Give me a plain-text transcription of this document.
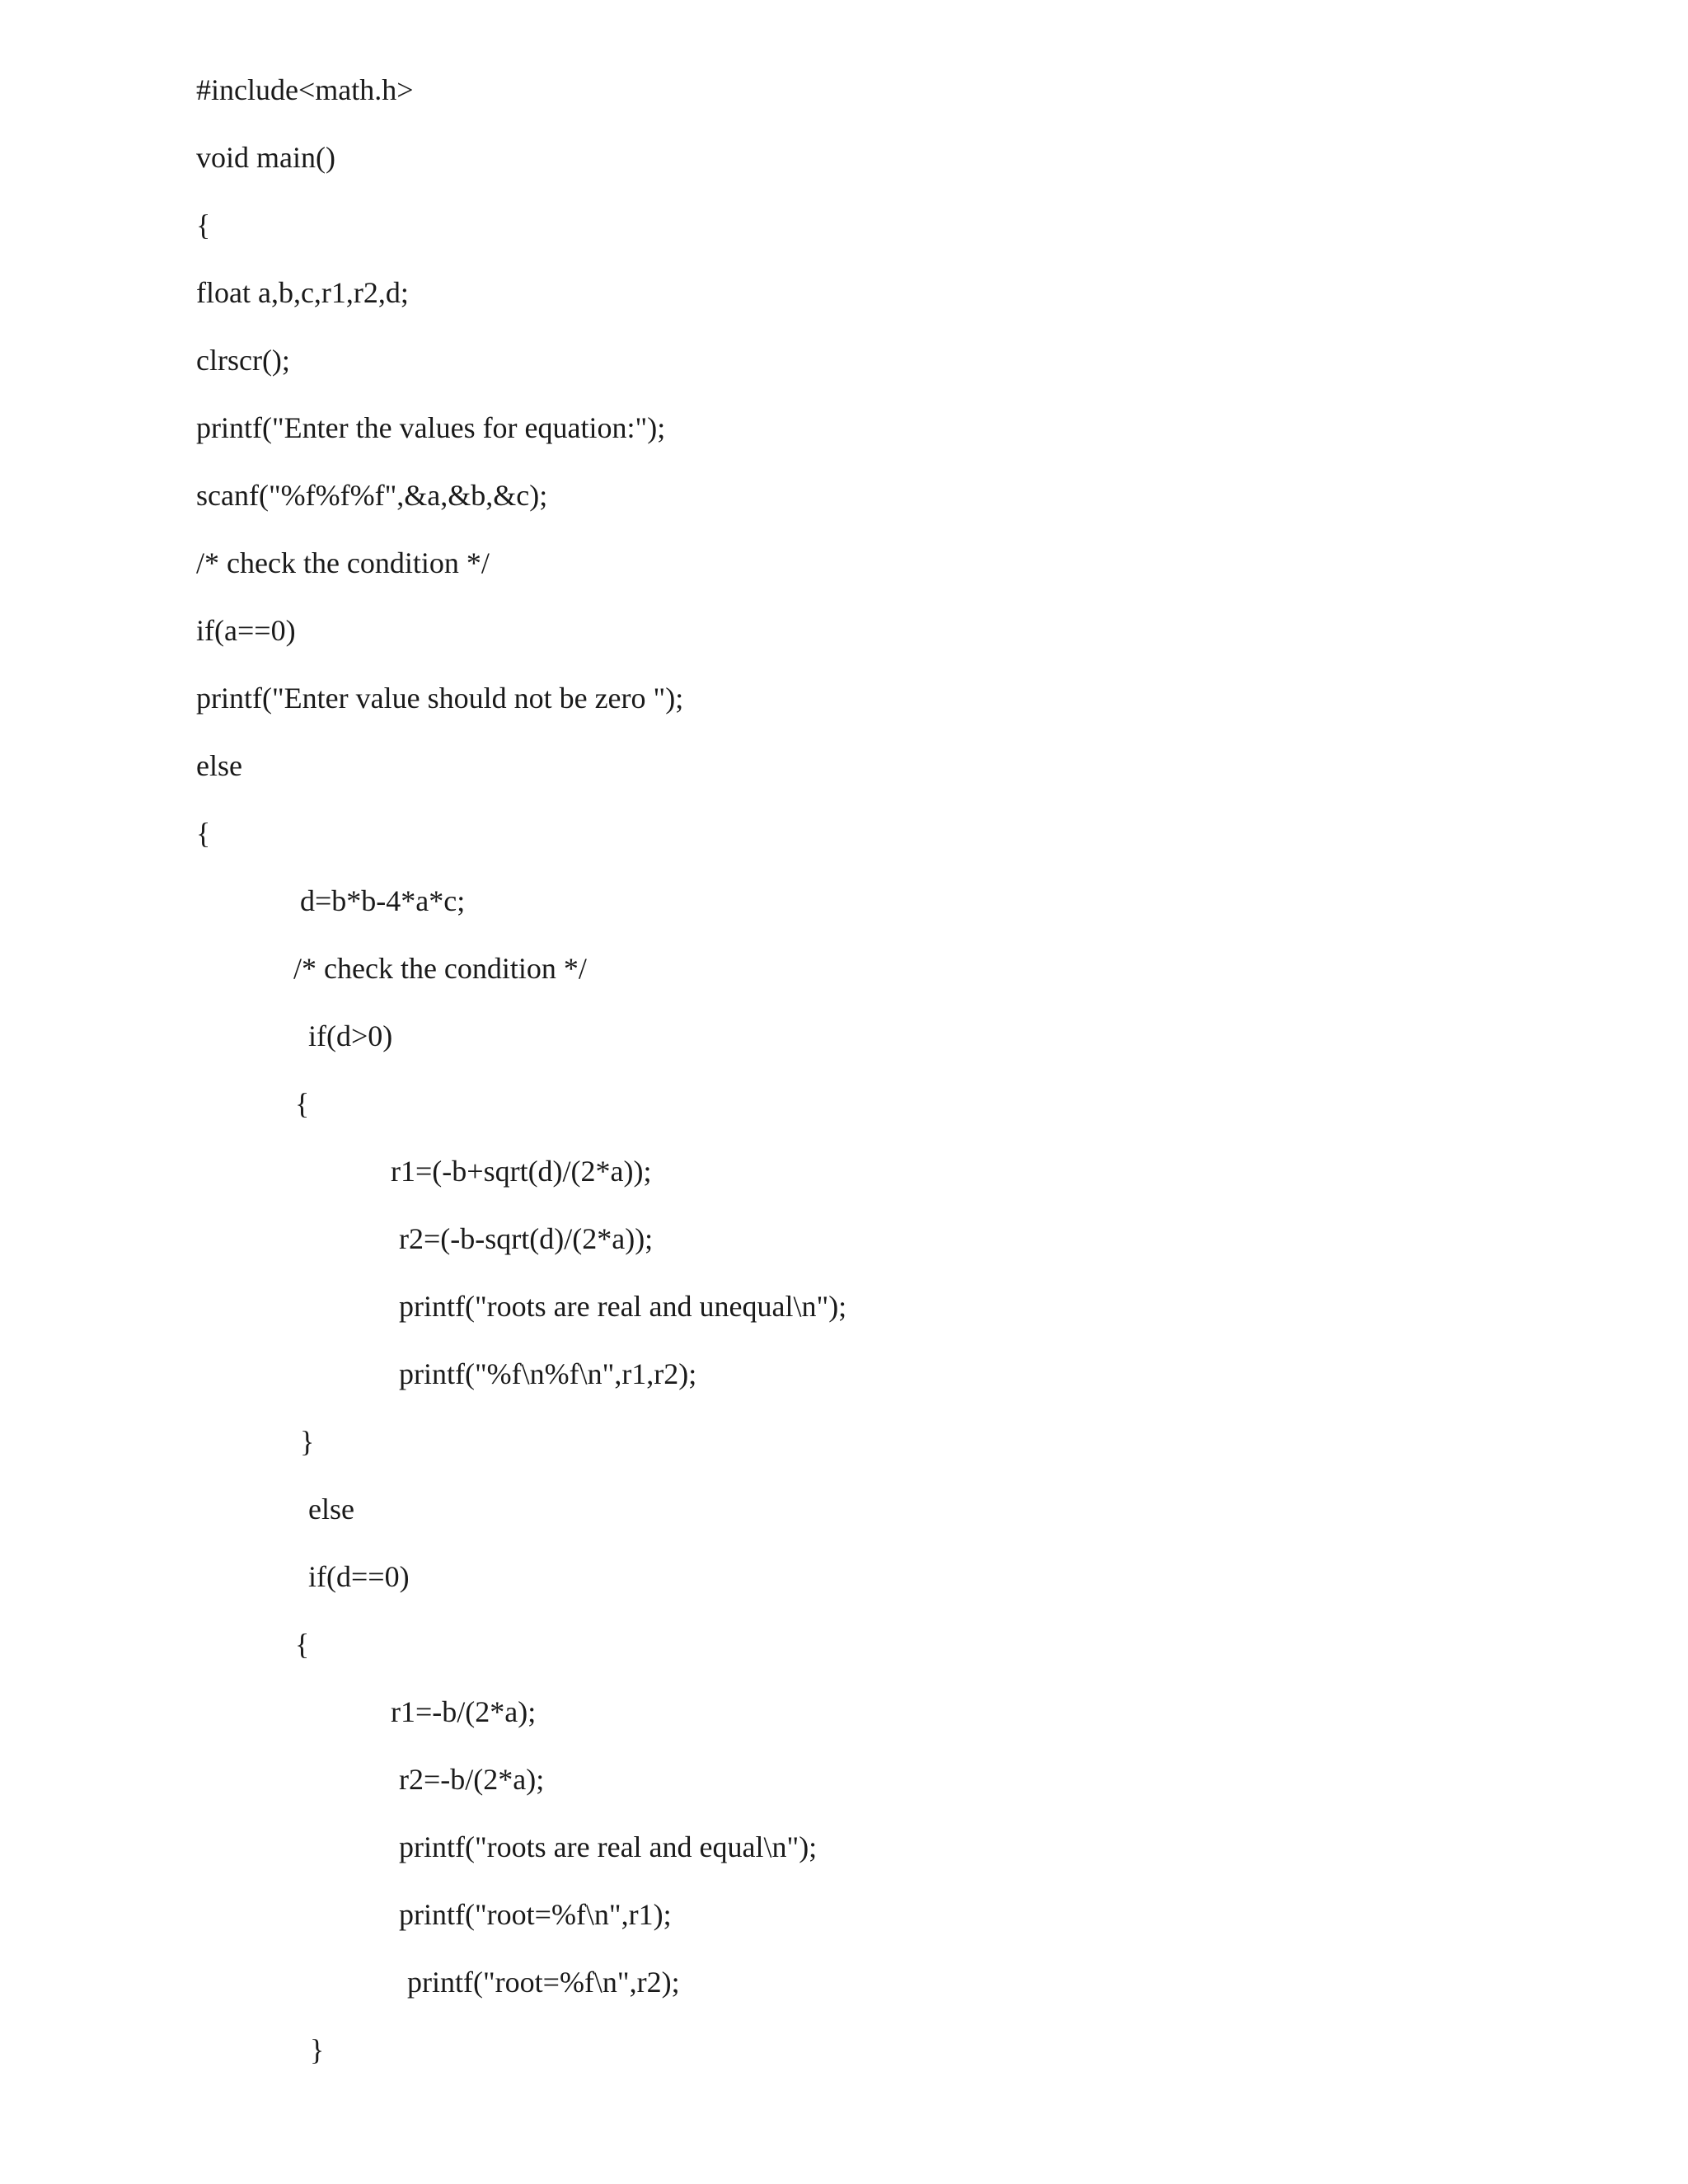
#include<math.h>
void main()
{
float a,b,c,r1,r2,d;
clrscr();
printf("Enter the values for equation:");
scanf("%f%f%f",&a,&b,&c);
/* check the condition */
if(a==0)
printf("Enter value should not be zero ");
else
{
d=b*b-4*a*c;
/* check the condition */
if(d>0)
{
r1=(-b+sqrt(d)/(2*a));
r2=(-b-sqrt(d)/(2*a));
printf("roots are real and unequal\n");
printf("%f\n%f\n",r1,r2);
}
else
if(d==0)
{
r1=-b/(2*a);
r2=-b/(2*a);
printf("roots are real and equal\n");
printf("root=%f\n",r1);
printf("root=%f\n",r2);
}
